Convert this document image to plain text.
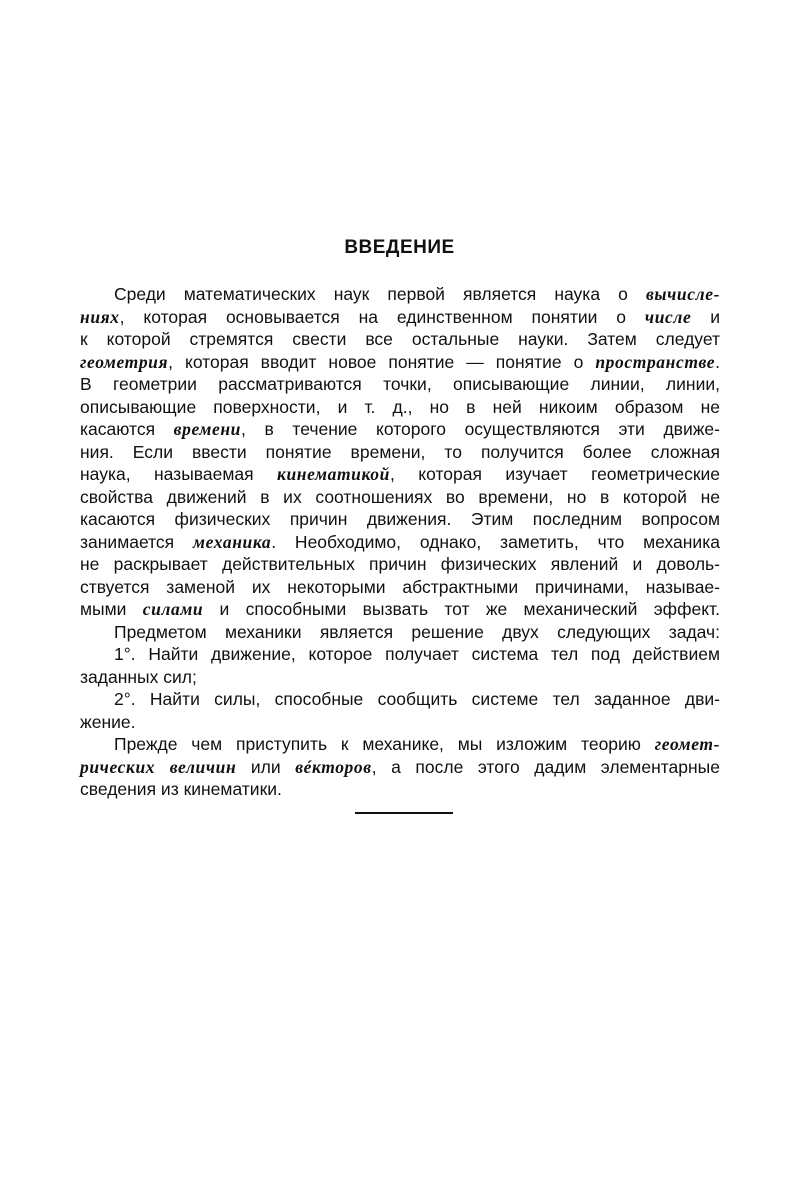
ВВЕДЕНИЕ
Среди математических наук первой является наука о вычисле-
ниях, которая основывается на единственном понятии о числе и
к которой стремятся свести все остальные науки. Затем следует
геометрия, которая вводит новое понятие — понятие о пространстве.
В геометрии рассматриваются точки, описывающие линии, линии,
описывающие поверхности, и т. д., но в ней никоим образом не
касаются времени, в течение которого осуществляются эти движе-
ния. Если ввести понятие времени, то получится более сложная
наука, называемая кинематикой, которая изучает геометрические
свойства движений в их соотношениях во времени, но в которой не
касаются физических причин движения. Этим последним вопросом
занимается механика. Необходимо, однако, заметить, что механика
не раскрывает действительных причин физических явлений и доволь-
ствуется заменой их некоторыми абстрактными причинами, называе-
мыми силами и способными вызвать тот же механический эффект.
Предметом механики является решение двух следующих задач:
1°. Найти движение, которое получает система тел под действием
заданных сил;
2°. Найти силы, способные сообщить системе тел заданное дви-
жение.
Прежде чем приступить к механике, мы изложим теорию геомет-
рических величин или вéкторов, а после этого дадим элементарные
сведения из кинематики.
